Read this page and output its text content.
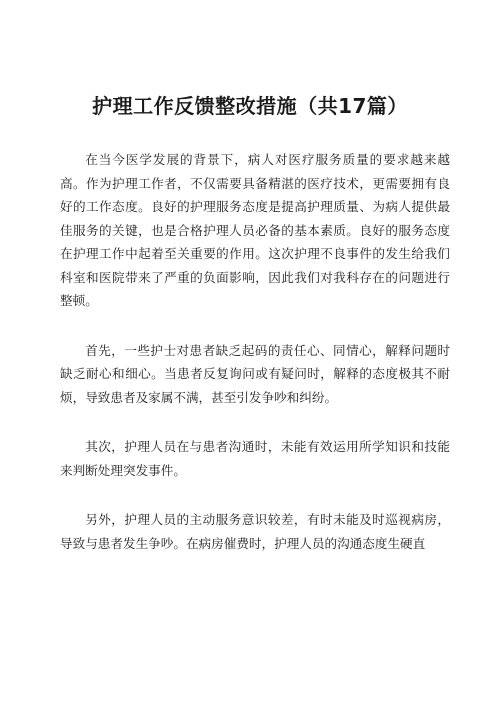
护理工作反馈整改措施（共17篇）

在当今医学发展的背景下，病人对医疗服务质量的要求越来越高。作为护理工作者，不仅需要具备精湛的医疗技术，更需要拥有良好的工作态度。良好的护理服务态度是提高护理质量、为病人提供最佳服务的关键，也是合格护理人员必备的基本素质。良好的服务态度在护理工作中起着至关重要的作用。这次护理不良事件的发生给我们科室和医院带来了严重的负面影响，因此我们对我科存在的问题进行整顿。

首先，一些护士对患者缺乏起码的责任心、同情心，解释问题时缺乏耐心和细心。当患者反复询问或有疑问时，解释的态度极其不耐烦，导致患者及家属不满，甚至引发争吵和纠纷。

其次，护理人员在与患者沟通时，未能有效运用所学知识和技能来判断处理突发事件。

另外，护理人员的主动服务意识较差，有时未能及时巡视病房，导致与患者发生争吵。在病房催费时，护理人员的沟通态度生硬直
